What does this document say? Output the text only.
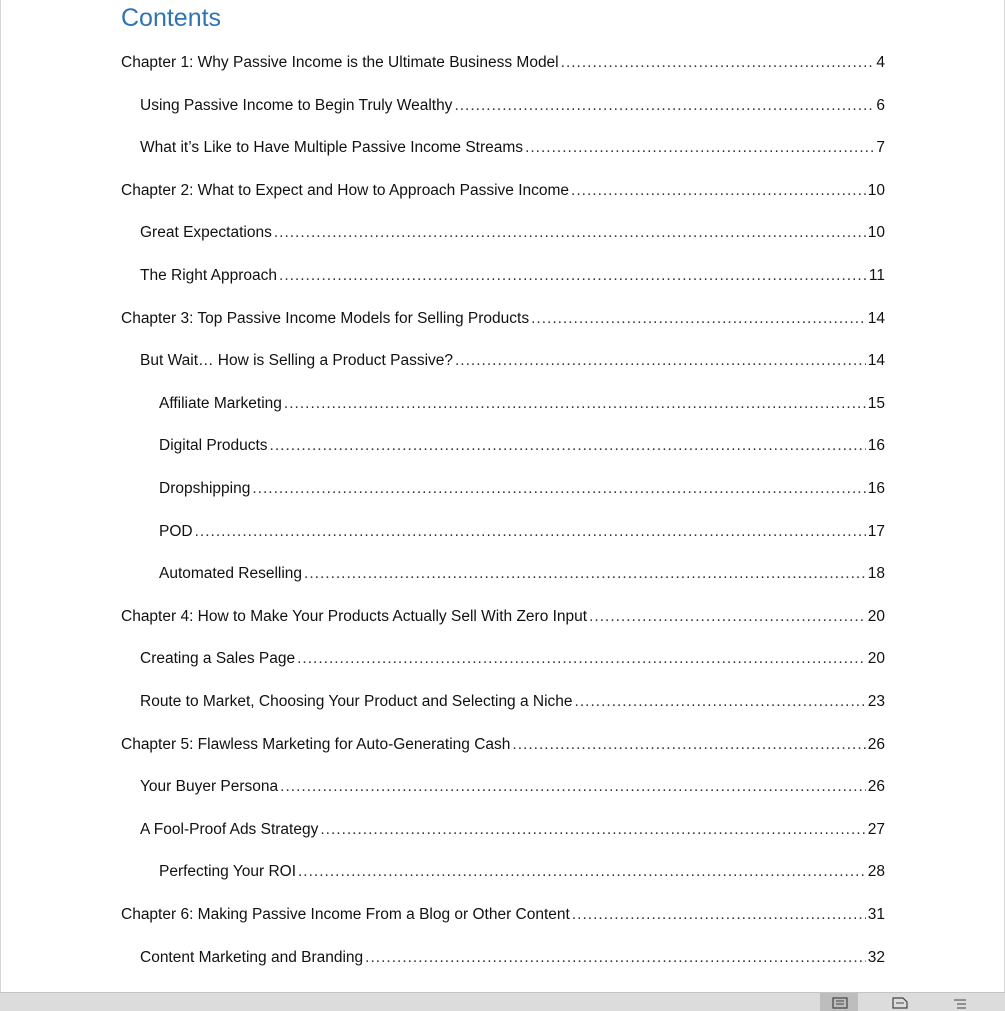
Contents
Chapter 1: Why Passive Income is the Ultimate Business Model .....	4
Using Passive Income to Begin Truly Wealthy .....	6
What it’s Like to Have Multiple Passive Income Streams .....	7
Chapter 2: What to Expect and How to Approach Passive Income .....	10
Great Expectations .....	10
The Right Approach .....	11
Chapter 3: Top Passive Income Models for Selling Products .....	14
But Wait… How is Selling a Product Passive? .....	14
Affiliate Marketing .....	15
Digital Products .....	16
Dropshipping .....	16
POD .....	17
Automated Reselling .....	18
Chapter 4: How to Make Your Products Actually Sell With Zero Input .....	20
Creating a Sales Page .....	20
Route to Market, Choosing Your Product and Selecting a Niche .....	23
Chapter 5: Flawless Marketing for Auto-Generating Cash .....	26
Your Buyer Persona .....	26
A Fool-Proof Ads Strategy .....	27
Perfecting Your ROI .....	28
Chapter 6: Making Passive Income From a Blog or Other Content .....	31
Content Marketing and Branding .....	32
